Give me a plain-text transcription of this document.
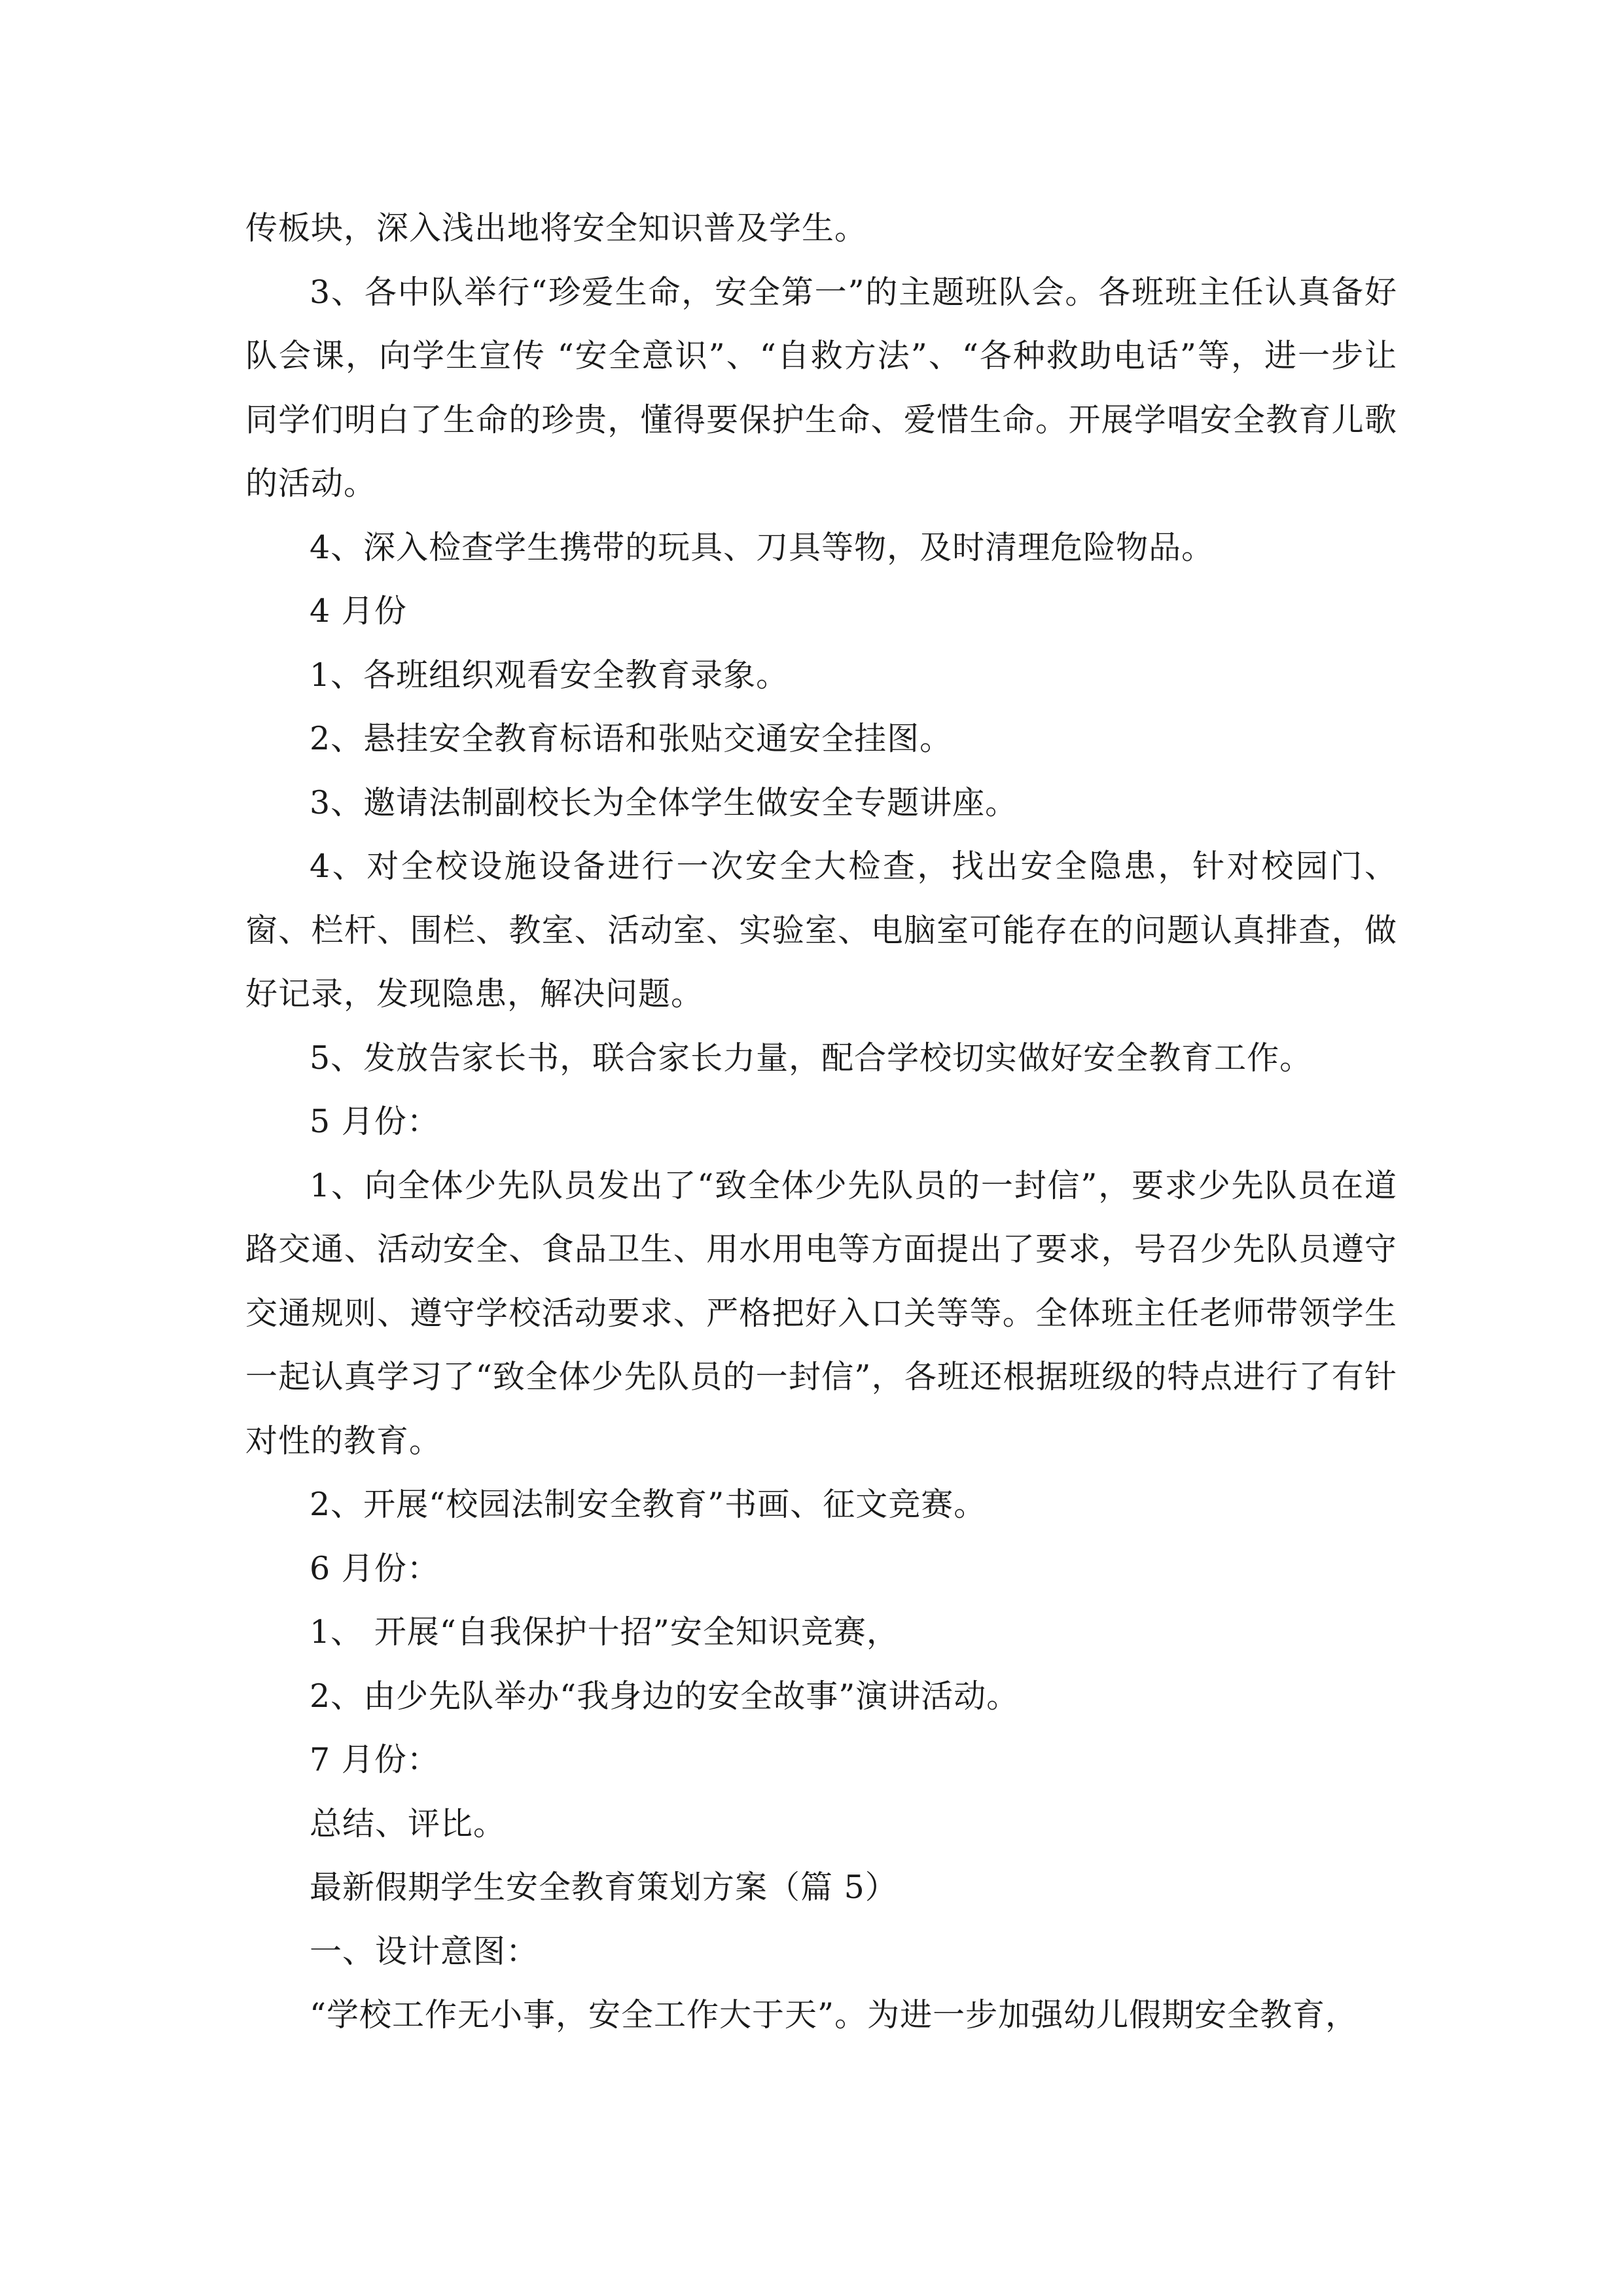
传板块，深入浅出地将安全知识普及学生。

3、各中队举行“珍爱生命，安全第一”的主题班队会。各班班主任认真备好队会课，向学生宣传 “安全意识”、“自救方法”、“各种救助电话”等，进一步让同学们明白了生命的珍贵，懂得要保护生命、爱惜生命。开展学唱安全教育儿歌的活动。

4、深入检查学生携带的玩具、刀具等物，及时清理危险物品。

4 月份

1、各班组织观看安全教育录象。

2、悬挂安全教育标语和张贴交通安全挂图。

3、邀请法制副校长为全体学生做安全专题讲座。

4、对全校设施设备进行一次安全大检查，找出安全隐患，针对校园门、窗、栏杆、围栏、教室、活动室、实验室、电脑室可能存在的问题认真排查，做好记录，发现隐患，解决问题。

5、发放告家长书，联合家长力量，配合学校切实做好安全教育工作。

5 月份：

1、向全体少先队员发出了“致全体少先队员的一封信”，要求少先队员在道路交通、活动安全、食品卫生、用水用电等方面提出了要求，号召少先队员遵守交通规则、遵守学校活动要求、严格把好入口关等等。全体班主任老师带领学生一起认真学习了“致全体少先队员的一封信”，各班还根据班级的特点进行了有针对性的教育。

2、开展“校园法制安全教育”书画、征文竞赛。

6 月份：

1、 开展“自我保护十招”安全知识竞赛，

2、由少先队举办“我身边的安全故事”演讲活动。

7 月份：

总结、评比。

最新假期学生安全教育策划方案（篇 5）

一、设计意图：

“学校工作无小事，安全工作大于天”。为进一步加强幼儿假期安全教育，
